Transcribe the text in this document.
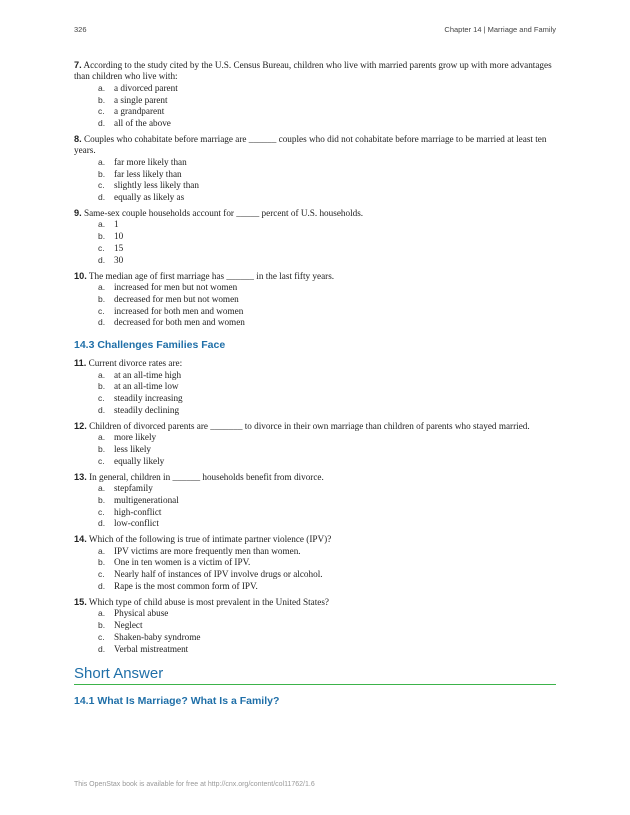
326	Chapter 14 | Marriage and Family

7. According to the study cited by the U.S. Census Bureau, children who live with married parents grow up with more advantages than children who live with:

a. a divorced parent
b. a single parent
c. a grandparent
d. all of the above

8. Couples who cohabitate before marriage are ______ couples who did not cohabitate before marriage to be married at least ten years.

a. far more likely than
b. far less likely than
c. slightly less likely than
d. equally as likely as

9. Same-sex couple households account for _____ percent of U.S. households.

a. 1
b. 10
c. 15
d. 30

10. The median age of first marriage has ______ in the last fifty years.

a. increased for men but not women
b. decreased for men but not women
c. increased for both men and women
d. decreased for both men and women
14.3 Challenges Families Face

11. Current divorce rates are:

a. at an all-time high
b. at an all-time low
c. steadily increasing
d. steadily declining

12. Children of divorced parents are _______ to divorce in their own marriage than children of parents who stayed married.

a. more likely
b. less likely
c. equally likely

13. In general, children in ______ households benefit from divorce.

a. stepfamily
b. multigenerational
c. high-conflict
d. low-conflict

14. Which of the following is true of intimate partner violence (IPV)?

a. IPV victims are more frequently men than women.
b. One in ten women is a victim of IPV.
c. Nearly half of instances of IPV involve drugs or alcohol.
d. Rape is the most common form of IPV.

15. Which type of child abuse is most prevalent in the United States?

a. Physical abuse
b. Neglect
c. Shaken-baby syndrome
d. Verbal mistreatment
Short Answer
14.1 What Is Marriage? What Is a Family?
This OpenStax book is available for free at http://cnx.org/content/col11762/1.6
